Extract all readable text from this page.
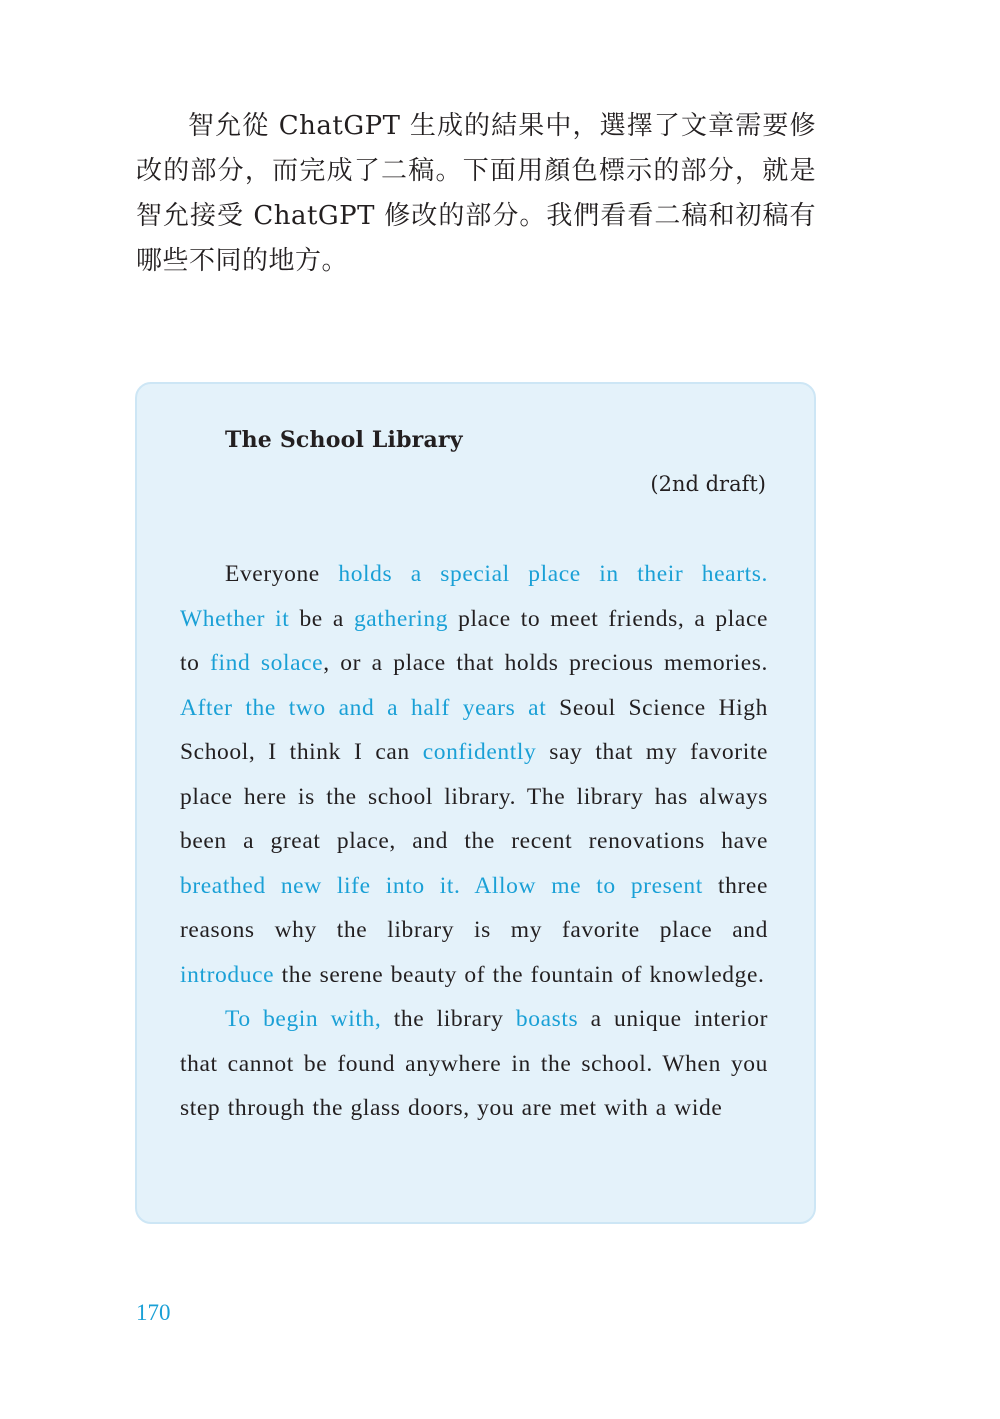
智允從 ChatGPT 生成的結果中，選擇了文章需要修改的部分，而完成了二稿。下面用顏色標示的部分，就是智允接受 ChatGPT 修改的部分。我們看看二稿和初稿有哪些不同的地方。

The School Library

(2nd draft)

Everyone holds a special place in their hearts. Whether it be a gathering place to meet friends, a place to find solace, or a place that holds precious memories. After the two and a half years at Seoul Science High School, I think I can confidently say that my favorite place here is the school library. The library has always been a great place, and the recent renovations have breathed new life into it. Allow me to present three reasons why the library is my favorite place and introduce the serene beauty of the fountain of knowledge.

To begin with, the library boasts a unique interior that cannot be found anywhere in the school. When you step through the glass doors, you are met with a wide

170
